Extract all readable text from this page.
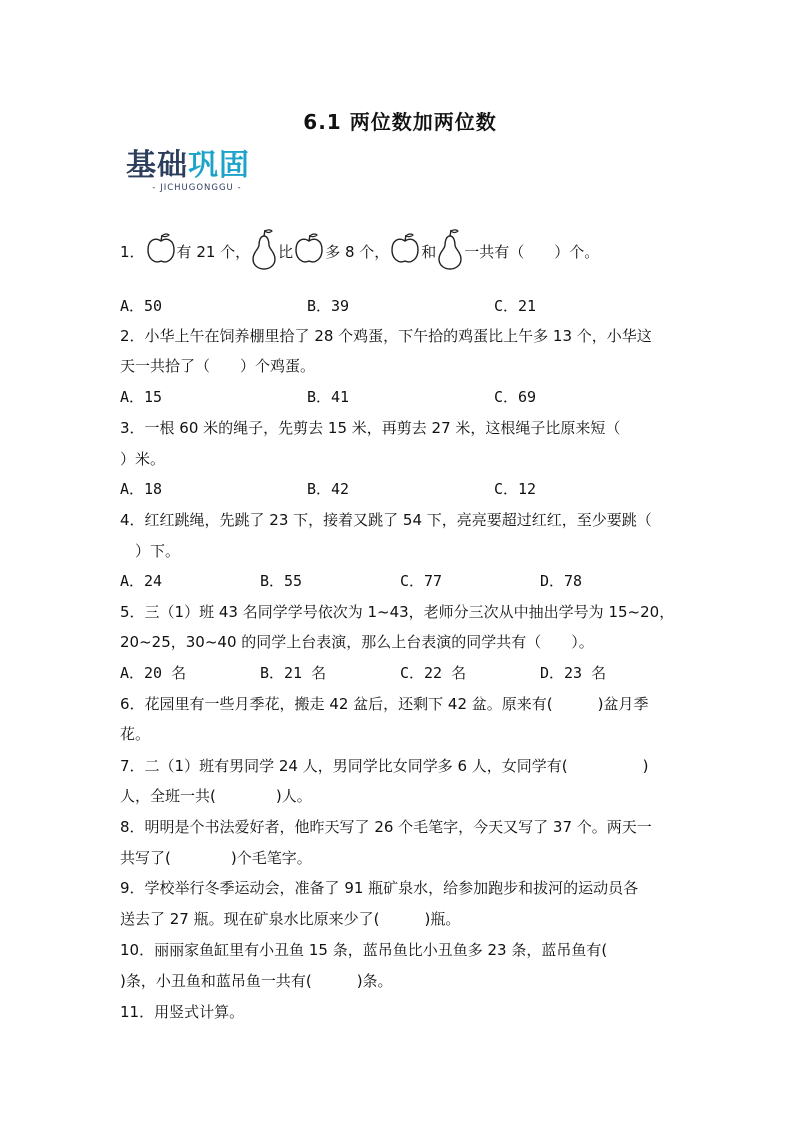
6.1 两位数加两位数
基础巩固
- JICHUGONGGU -
1． 有 21 个， 比 多 8 个， 和 一共有（　　）个。
A．50	B．39	C．21
2．小华上午在饲养棚里拾了 28 个鸡蛋，下午拾的鸡蛋比上午多 13 个，小华这
天一共拾了（　　）个鸡蛋。
A．15	B．41	C．69
3．一根 60 米的绳子，先剪去 15 米，再剪去 27 米，这根绳子比原来短（
）米。
A．18	B．42	C．12
4．红红跳绳，先跳了 23 下，接着又跳了 54 下，亮亮要超过红红，至少要跳（
　）下。
A．24	B．55	C．77	D．78
5．三（1）班 43 名同学学号依次为 1~43，老师分三次从中抽出学号为 15~20，
20~25，30~40 的同学上台表演，那么上台表演的同学共有（　　）。
A．20 名	B．21 名	C．22 名	D．23 名
6．花园里有一些月季花，搬走 42 盆后，还剩下 42 盆。原来有(　　　)盆月季
花。
7．二（1）班有男同学 24 人，男同学比女同学多 6 人，女同学有(　　　　　)
人，全班一共(　　　　)人。
8．明明是个书法爱好者，他昨天写了 26 个毛笔字，今天又写了 37 个。两天一
共写了(　　　　)个毛笔字。
9．学校举行冬季运动会，准备了 91 瓶矿泉水，给参加跑步和拔河的运动员各
送去了 27 瓶。现在矿泉水比原来少了(　　　)瓶。
10．丽丽家鱼缸里有小丑鱼 15 条，蓝吊鱼比小丑鱼多 23 条，蓝吊鱼有(
)条，小丑鱼和蓝吊鱼一共有(　　　)条。
11．用竖式计算。
